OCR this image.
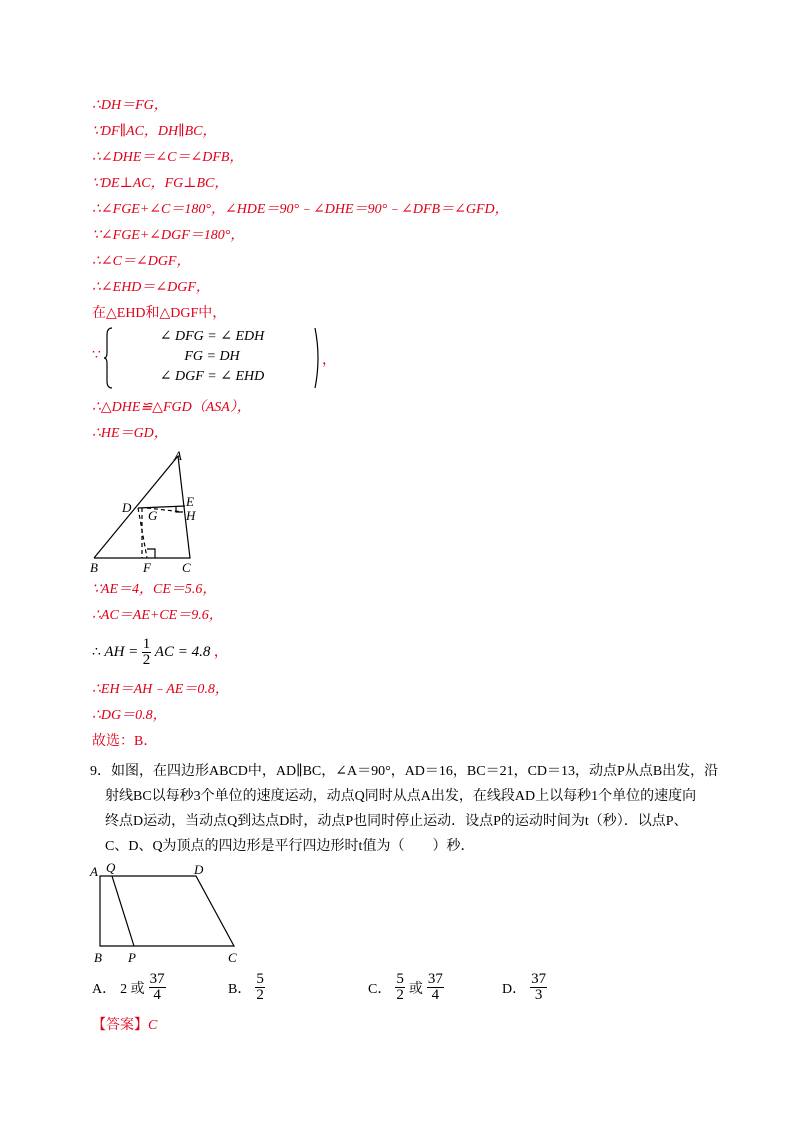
∴DH＝FG，
∵DF∥AC，DH∥BC，
∴∠DHE＝∠C＝∠DFB，
∵DE⊥AC，FG⊥BC，
∴∠FGE+∠C＝180°，∠HDE＝90°﹣∠DHE＝90°﹣∠DFB＝∠GFD，
∵∠FGE+∠DGF＝180°，
∴∠C＝∠DGF，
∴∠EHD＝∠DGF，
在△EHD和△DGF中，
∵
∠ DFG = ∠ EDH
FG = DH
∠ DGF = ∠ EHD
，
∴△DHE≌△FGD（ASA），
∴HE＝GD，
A
D	E
G H
B	F C
∵AE＝4，CE＝5.6，
∴AC＝AE+CE＝9.6，
∴ AH = $\frac{1}{2}$ AC = 4.8 ，
∴EH＝AH﹣AE＝0.8，
∴DG＝0.8，
故选：B．
9．如图，在四边形ABCD中，AD∥BC，∠A＝90°，AD＝16，BC＝21，CD＝13，动点P从点B出发，沿
射线BC以每秒3个单位的速度运动，动点Q同时从点A出发，在线段AD上以每秒1个单位的速度向
终点D运动，当动点Q到达点D时，动点P也同时停止运动．设点P的运动时间为t（秒）．以点P、
C、D、Q为顶点的四边形是平行四边形时t值为（　　）秒．
A Q	D
B P	C
A． 2 或 $\frac{37}{4}$	B． $\frac{5}{2}$	C． $\frac{5}{2}$ 或 $\frac{37}{4}$	D． $\frac{37}{3}$
【答案】C
